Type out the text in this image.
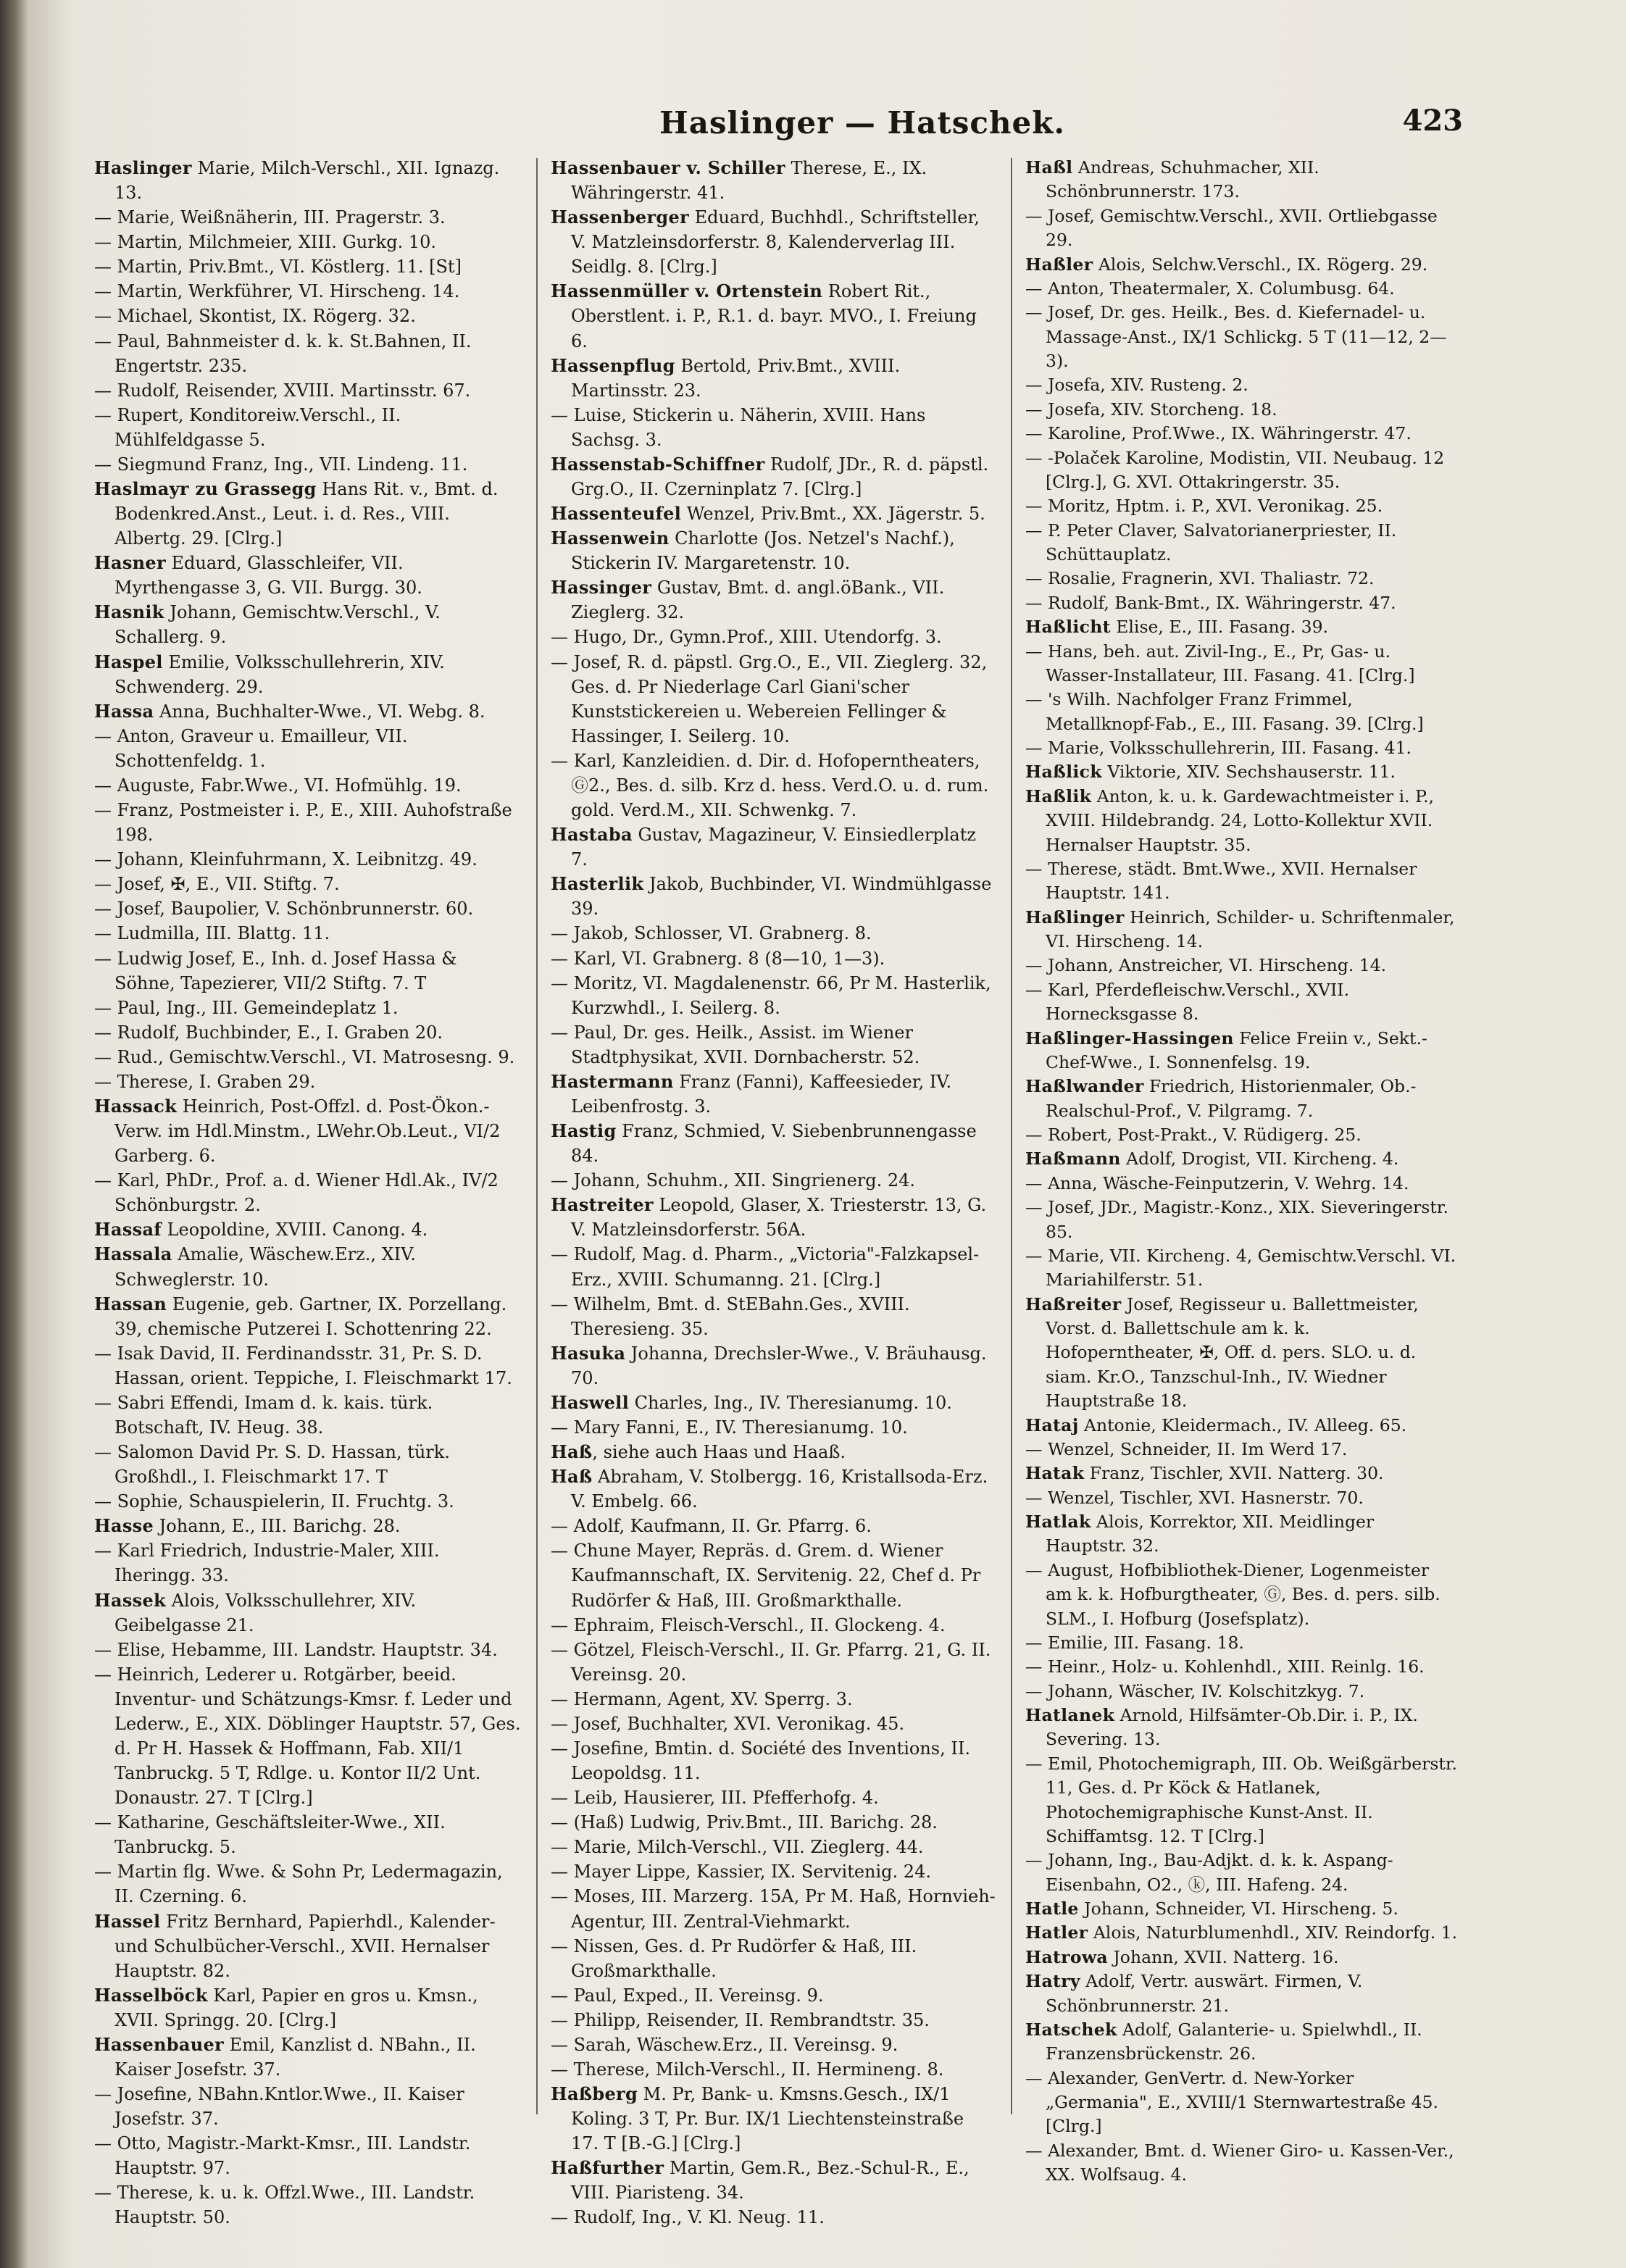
Haslinger — Hatschek.	423
Haslinger Marie, Milch-Verschl., XII. Ignazg. 13.
— Marie, Weißnäherin, III. Pragerstr. 3.
— Martin, Milchmeier, XIII. Gurkg. 10.
— Martin, Priv.Bmt., VI. Köstlerg. 11. [St]
— Martin, Werkführer, VI. Hirscheng. 14.
— Michael, Skontist, IX. Rögerg. 32.
— Paul, Bahnmeister d. k. k. St.Bahnen, II. Engertstr. 235.
— Rudolf, Reisender, XVIII. Martinsstr. 67.
— Rupert, Konditoreiw.Verschl., II. Mühlfeldgasse 5.
— Siegmund Franz, Ing., VII. Lindeng. 11.
Haslmayr zu Grassegg Hans Rit. v., Bmt. d. Bodenkred.Anst., Leut. i. d. Res., VIII. Albertg. 29. [Clrg.]
Hasner Eduard, Glasschleifer, VII. Myrthengasse 3, G. VII. Burgg. 30.
Hasnik Johann, Gemischtw.Verschl., V. Schallerg. 9.
Haspel Emilie, Volksschullehrerin, XIV. Schwenderg. 29.
Hassa Anna, Buchhalter-Wwe., VI. Webg. 8.
— Anton, Graveur u. Emailleur, VII. Schottenfeldg. 1.
— Auguste, Fabr.Wwe., VI. Hofmühlg. 19.
— Franz, Postmeister i. P., E., XIII. Auhofstraße 198.
— Johann, Kleinfuhrmann, X. Leibnitzg. 49.
— Josef, ✠, E., VII. Stiftg. 7.
— Josef, Baupolier, V. Schönbrunnerstr. 60.
— Ludmilla, III. Blattg. 11.
— Ludwig Josef, E., Inh. d. Josef Hassa & Söhne, Tapezierer, VII/2 Stiftg. 7. T
— Paul, Ing., III. Gemeindeplatz 1.
— Rudolf, Buchbinder, E., I. Graben 20.
— Rud., Gemischtw.Verschl., VI. Matrosesng. 9.
— Therese, I. Graben 29.
Hassack Heinrich, Post-Offzl. d. Post-Ökon.-Verw. im Hdl.Minstm., LWehr.Ob.Leut., VI/2 Garberg. 6.
— Karl, PhDr., Prof. a. d. Wiener Hdl.Ak., IV/2 Schönburgstr. 2.
Hassaf Leopoldine, XVIII. Canong. 4.
Hassala Amalie, Wäschew.Erz., XIV. Schweglerstr. 10.
Hassan Eugenie, geb. Gartner, IX. Porzellang. 39, chemische Putzerei I. Schottenring 22.
— Isak David, II. Ferdinandsstr. 31, Pr. S. D. Hassan, orient. Teppiche, I. Fleischmarkt 17.
— Sabri Effendi, Imam d. k. kais. türk. Botschaft, IV. Heug. 38.
— Salomon David Pr. S. D. Hassan, türk. Großhdl., I. Fleischmarkt 17. T
— Sophie, Schauspielerin, II. Fruchtg. 3.
Hasse Johann, E., III. Barichg. 28.
— Karl Friedrich, Industrie-Maler, XIII. Iheringg. 33.
Hassek Alois, Volksschullehrer, XIV. Geibelgasse 21.
— Elise, Hebamme, III. Landstr. Hauptstr. 34.
— Heinrich, Lederer u. Rotgärber, beeid. Inventur- und Schätzungs-Kmsr. f. Leder und Lederw., E., XIX. Döblinger Hauptstr. 57, Ges. d. Pr H. Hassek & Hoffmann, Fab. XII/1 Tanbruckg. 5 T, Rdlge. u. Kontor II/2 Unt. Donaustr. 27. T [Clrg.]
— Katharine, Geschäftsleiter-Wwe., XII. Tanbruckg. 5.
— Martin flg. Wwe. & Sohn Pr, Ledermagazin, II. Czerning. 6.
Hassel Fritz Bernhard, Papierhdl., Kalender- und Schulbücher-Verschl., XVII. Hernalser Hauptstr. 82.
Hasselböck Karl, Papier en gros u. Kmsn., XVII. Springg. 20. [Clrg.]
Hassenbauer Emil, Kanzlist d. NBahn., II. Kaiser Josefstr. 37.
— Josefine, NBahn.Kntlor.Wwe., II. Kaiser Josefstr. 37.
— Otto, Magistr.-Markt-Kmsr., III. Landstr. Hauptstr. 97.
— Therese, k. u. k. Offzl.Wwe., III. Landstr. Hauptstr. 50.
Hassenbauer v. Schiller Therese, E., IX. Währingerstr. 41.
Hassenberger Eduard, Buchhdl., Schriftsteller, V. Matzleinsdorferstr. 8, Kalenderverlag III. Seidlg. 8. [Clrg.]
Hassenmüller v. Ortenstein Robert Rit., Oberstlent. i. P., R.1. d. bayr. MVO., I. Freiung 6.
Hassenpflug Bertold, Priv.Bmt., XVIII. Martinsstr. 23.
— Luise, Stickerin u. Näherin, XVIII. Hans Sachsg. 3.
Hassenstab-Schiffner Rudolf, JDr., R. d. päpstl. Grg.O., II. Czerninplatz 7. [Clrg.]
Hassenteufel Wenzel, Priv.Bmt., XX. Jägerstr. 5.
Hassenwein Charlotte (Jos. Netzel's Nachf.), Stickerin IV. Margaretenstr. 10.
Hassinger Gustav, Bmt. d. angl.öBank., VII. Zieglerg. 32.
— Hugo, Dr., Gymn.Prof., XIII. Utendorfg. 3.
— Josef, R. d. päpstl. Grg.O., E., VII. Zieglerg. 32, Ges. d. Pr Niederlage Carl Giani'scher Kunststickereien u. Webereien Fellinger & Hassinger, I. Seilerg. 10.
— Karl, Kanzleidien. d. Dir. d. Hofoperntheaters, Ⓖ2., Bes. d. silb. Krz d. hess. Verd.O. u. d. rum. gold. Verd.M., XII. Schwenkg. 7.
Hastaba Gustav, Magazineur, V. Einsiedlerplatz 7.
Hasterlik Jakob, Buchbinder, VI. Windmühlgasse 39.
— Jakob, Schlosser, VI. Grabnerg. 8.
— Karl, VI. Grabnerg. 8 (8—10, 1—3).
— Moritz, VI. Magdalenenstr. 66, Pr M. Hasterlik, Kurzwhdl., I. Seilerg. 8.
— Paul, Dr. ges. Heilk., Assist. im Wiener Stadtphysikat, XVII. Dornbacherstr. 52.
Hastermann Franz (Fanni), Kaffeesieder, IV. Leibenfrostg. 3.
Hastig Franz, Schmied, V. Siebenbrunnengasse 84.
— Johann, Schuhm., XII. Singrienerg. 24.
Hastreiter Leopold, Glaser, X. Triesterstr. 13, G. V. Matzleinsdorferstr. 56A.
— Rudolf, Mag. d. Pharm., „Victoria"-Falzkapsel-Erz., XVIII. Schumanng. 21. [Clrg.]
— Wilhelm, Bmt. d. StEBahn.Ges., XVIII. Theresieng. 35.
Hasuka Johanna, Drechsler-Wwe., V. Bräuhausg. 70.
Haswell Charles, Ing., IV. Theresianumg. 10.
— Mary Fanni, E., IV. Theresianumg. 10.
Haß, siehe auch Haas und Haaß.
Haß Abraham, V. Stolbergg. 16, Kristallsoda-Erz. V. Embelg. 66.
— Adolf, Kaufmann, II. Gr. Pfarrg. 6.
— Chune Mayer, Repräs. d. Grem. d. Wiener Kaufmannschaft, IX. Servitenig. 22, Chef d. Pr Rudörfer & Haß, III. Großmarkthalle.
— Ephraim, Fleisch-Verschl., II. Glockeng. 4.
— Götzel, Fleisch-Verschl., II. Gr. Pfarrg. 21, G. II. Vereinsg. 20.
— Hermann, Agent, XV. Sperrg. 3.
— Josef, Buchhalter, XVI. Veronikag. 45.
— Josefine, Bmtin. d. Société des Inventions, II. Leopoldsg. 11.
— Leib, Hausierer, III. Pfefferhofg. 4.
— (Haß) Ludwig, Priv.Bmt., III. Barichg. 28.
— Marie, Milch-Verschl., VII. Zieglerg. 44.
— Mayer Lippe, Kassier, IX. Servitenig. 24.
— Moses, III. Marzerg. 15A, Pr M. Haß, Hornvieh-Agentur, III. Zentral-Viehmarkt.
— Nissen, Ges. d. Pr Rudörfer & Haß, III. Großmarkthalle.
— Paul, Exped., II. Vereinsg. 9.
— Philipp, Reisender, II. Rembrandtstr. 35.
— Sarah, Wäschew.Erz., II. Vereinsg. 9.
— Therese, Milch-Verschl., II. Hermineng. 8.
Haßberg M. Pr, Bank- u. Kmsns.Gesch., IX/1 Koling. 3 T, Pr. Bur. IX/1 Liechtensteinstraße 17. T [B.-G.] [Clrg.]
Haßfurther Martin, Gem.R., Bez.-Schul-R., E., VIII. Piaristeng. 34.
— Rudolf, Ing., V. Kl. Neug. 11.
Haßl Andreas, Schuhmacher, XII. Schönbrunnerstr. 173.
— Josef, Gemischtw.Verschl., XVII. Ortliebgasse 29.
Haßler Alois, Selchw.Verschl., IX. Rögerg. 29.
— Anton, Theatermaler, X. Columbusg. 64.
— Josef, Dr. ges. Heilk., Bes. d. Kiefernadel- u. Massage-Anst., IX/1 Schlickg. 5 T (11—12, 2—3).
— Josefa, XIV. Rusteng. 2.
— Josefa, XIV. Storcheng. 18.
— Karoline, Prof.Wwe., IX. Währingerstr. 47.
— -Polaček Karoline, Modistin, VII. Neubaug. 12 [Clrg.], G. XVI. Ottakringerstr. 35.
— Moritz, Hptm. i. P., XVI. Veronikag. 25.
— P. Peter Claver, Salvatorianerpriester, II. Schüttauplatz.
— Rosalie, Fragnerin, XVI. Thaliastr. 72.
— Rudolf, Bank-Bmt., IX. Währingerstr. 47.
Haßlicht Elise, E., III. Fasang. 39.
— Hans, beh. aut. Zivil-Ing., E., Pr, Gas- u. Wasser-Installateur, III. Fasang. 41. [Clrg.]
— 's Wilh. Nachfolger Franz Frimmel, Metallknopf-Fab., E., III. Fasang. 39. [Clrg.]
— Marie, Volksschullehrerin, III. Fasang. 41.
Haßlick Viktorie, XIV. Sechshauserstr. 11.
Haßlik Anton, k. u. k. Gardewachtmeister i. P., XVIII. Hildebrandg. 24, Lotto-Kollektur XVII. Hernalser Hauptstr. 35.
— Therese, städt. Bmt.Wwe., XVII. Hernalser Hauptstr. 141.
Haßlinger Heinrich, Schilder- u. Schriftenmaler, VI. Hirscheng. 14.
— Johann, Anstreicher, VI. Hirscheng. 14.
— Karl, Pferdefleischw.Verschl., XVII. Hornecksgasse 8.
Haßlinger-Hassingen Felice Freiin v., Sekt.-Chef-Wwe., I. Sonnenfelsg. 19.
Haßlwander Friedrich, Historienmaler, Ob.-Realschul-Prof., V. Pilgramg. 7.
— Robert, Post-Prakt., V. Rüdigerg. 25.
Haßmann Adolf, Drogist, VII. Kircheng. 4.
— Anna, Wäsche-Feinputzerin, V. Wehrg. 14.
— Josef, JDr., Magistr.-Konz., XIX. Sieveringerstr. 85.
— Marie, VII. Kircheng. 4, Gemischtw.Verschl. VI. Mariahilferstr. 51.
Haßreiter Josef, Regisseur u. Ballettmeister, Vorst. d. Ballettschule am k. k. Hofoperntheater, ✠, Off. d. pers. SLO. u. d. siam. Kr.O., Tanzschul-Inh., IV. Wiedner Hauptstraße 18.
Hataj Antonie, Kleidermach., IV. Alleeg. 65.
— Wenzel, Schneider, II. Im Werd 17.
Hatak Franz, Tischler, XVII. Natterg. 30.
— Wenzel, Tischler, XVI. Hasnerstr. 70.
Hatlak Alois, Korrektor, XII. Meidlinger Hauptstr. 32.
— August, Hofbibliothek-Diener, Logenmeister am k. k. Hofburgtheater, Ⓖ, Bes. d. pers. silb. SLM., I. Hofburg (Josefsplatz).
— Emilie, III. Fasang. 18.
— Heinr., Holz- u. Kohlenhdl., XIII. Reinlg. 16.
— Johann, Wäscher, IV. Kolschitzkyg. 7.
Hatlanek Arnold, Hilfsämter-Ob.Dir. i. P., IX. Severing. 13.
— Emil, Photochemigraph, III. Ob. Weißgärberstr. 11, Ges. d. Pr Köck & Hatlanek, Photochemigraphische Kunst-Anst. II. Schiffamtsg. 12. T [Clrg.]
— Johann, Ing., Bau-Adjkt. d. k. k. Aspang-Eisenbahn, O2., ⓚ, III. Hafeng. 24.
Hatle Johann, Schneider, VI. Hirscheng. 5.
Hatler Alois, Naturblumenhdl., XIV. Reindorfg. 1.
Hatrowa Johann, XVII. Natterg. 16.
Hatry Adolf, Vertr. auswärt. Firmen, V. Schönbrunnerstr. 21.
Hatschek Adolf, Galanterie- u. Spielwhdl., II. Franzensbrückenstr. 26.
— Alexander, GenVertr. d. New-Yorker „Germania", E., XVIII/1 Sternwartestraße 45. [Clrg.]
— Alexander, Bmt. d. Wiener Giro- u. Kassen-Ver., XX. Wolfsaug. 4.
